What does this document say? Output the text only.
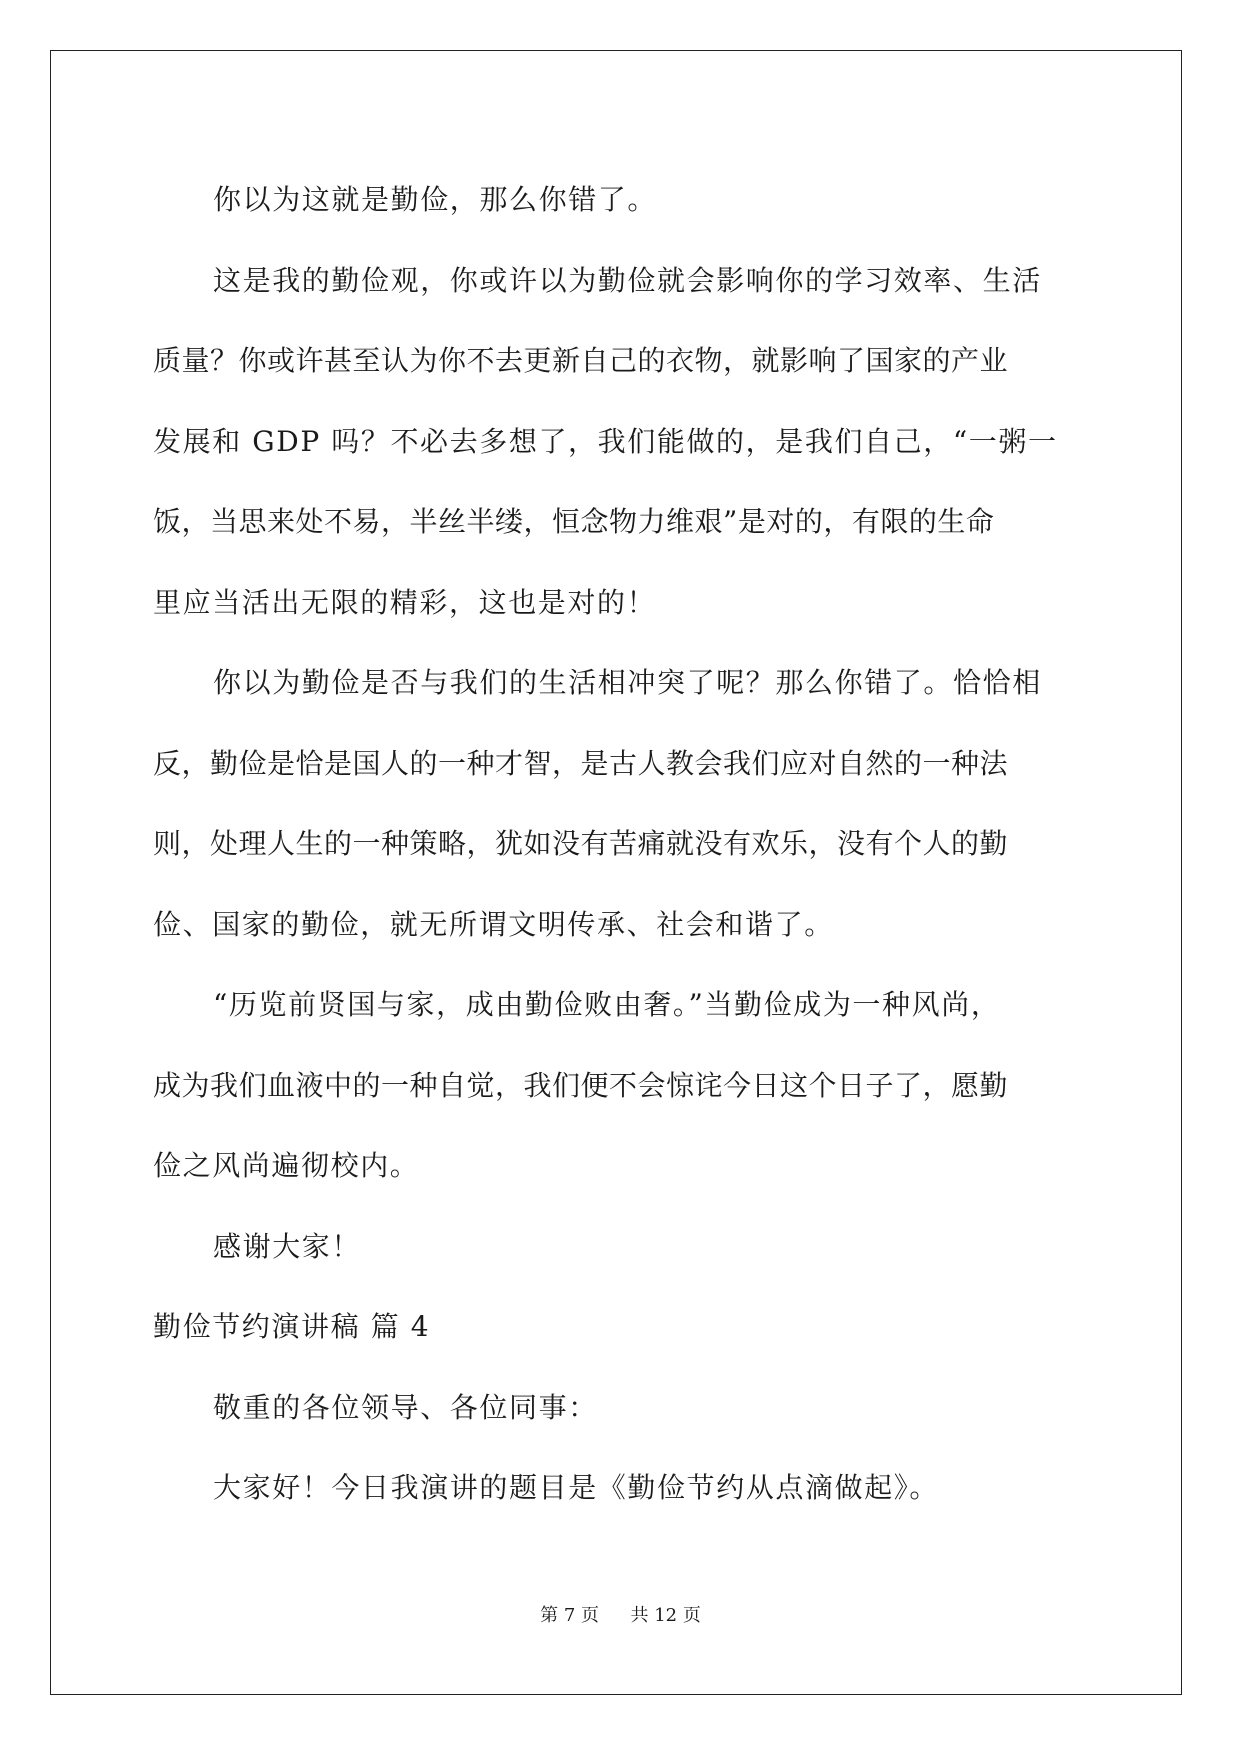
你以为这就是勤俭，那么你错了。
这是我的勤俭观，你或许以为勤俭就会影响你的学习效率、生活
质量？你或许甚至认为你不去更新自己的衣物，就影响了国家的产业
发展和 GDP 吗？不必去多想了，我们能做的，是我们自己，“一粥一
饭，当思来处不易，半丝半缕，恒念物力维艰”是对的，有限的生命
里应当活出无限的精彩，这也是对的！
你以为勤俭是否与我们的生活相冲突了呢？那么你错了。恰恰相
反，勤俭是恰是国人的一种才智，是古人教会我们应对自然的一种法
则，处理人生的一种策略，犹如没有苦痛就没有欢乐，没有个人的勤
俭、国家的勤俭，就无所谓文明传承、社会和谐了。
“历览前贤国与家，成由勤俭败由奢。”当勤俭成为一种风尚，
成为我们血液中的一种自觉，我们便不会惊诧今日这个日子了，愿勤
俭之风尚遍彻校内。
感谢大家！
勤俭节约演讲稿 篇 4
敬重的各位领导、各位同事：
大家好！今日我演讲的题目是《勤俭节约从点滴做起》。
第 7 页 共 12 页
